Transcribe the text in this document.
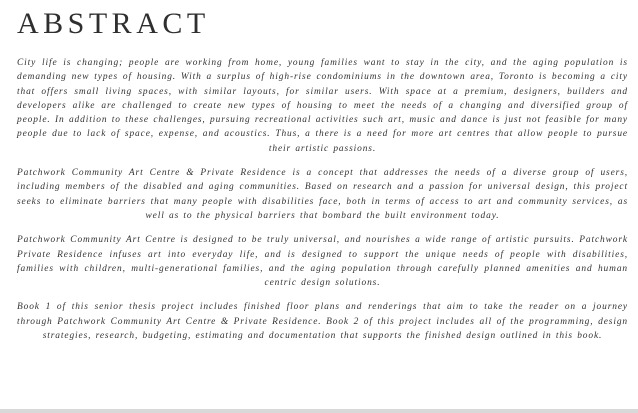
ABSTRACT

City life is changing; people are working from home, young families want to stay in the city, and the aging population is demanding new types of housing. With a surplus of high-rise condominiums in the downtown area, Toronto is becoming a city that offers small living spaces, with similar layouts, for similar users. With space at a premium, designers, builders and developers alike are challenged to create new types of housing to meet the needs of a changing and diversified group of people. In addition to these challenges, pursuing recreational activities such art, music and dance is just not feasible for many people due to lack of space, expense, and acoustics. Thus, a there is a need for more art centres that allow people to pursue their artistic passions.

Patchwork Community Art Centre & Private Residence is a concept that addresses the needs of a diverse group of users, including members of the disabled and aging communities. Based on research and a passion for universal design, this project seeks to eliminate barriers that many people with disabilities face, both in terms of access to art and community services, as well as to the physical barriers that bombard the built environment today.

Patchwork Community Art Centre is designed to be truly universal, and nourishes a wide range of artistic pursuits. Patchwork Private Residence infuses art into everyday life, and is designed to support the unique needs of people with disabilities, families with children, multi-generational families, and the aging population through carefully planned amenities and human centric design solutions.

Book 1 of this senior thesis project includes finished floor plans and renderings that aim to take the reader on a journey through Patchwork Community Art Centre & Private Residence. Book 2 of this project includes all of the programming, design strategies, research, budgeting, estimating and documentation that supports the finished design outlined in this book.
